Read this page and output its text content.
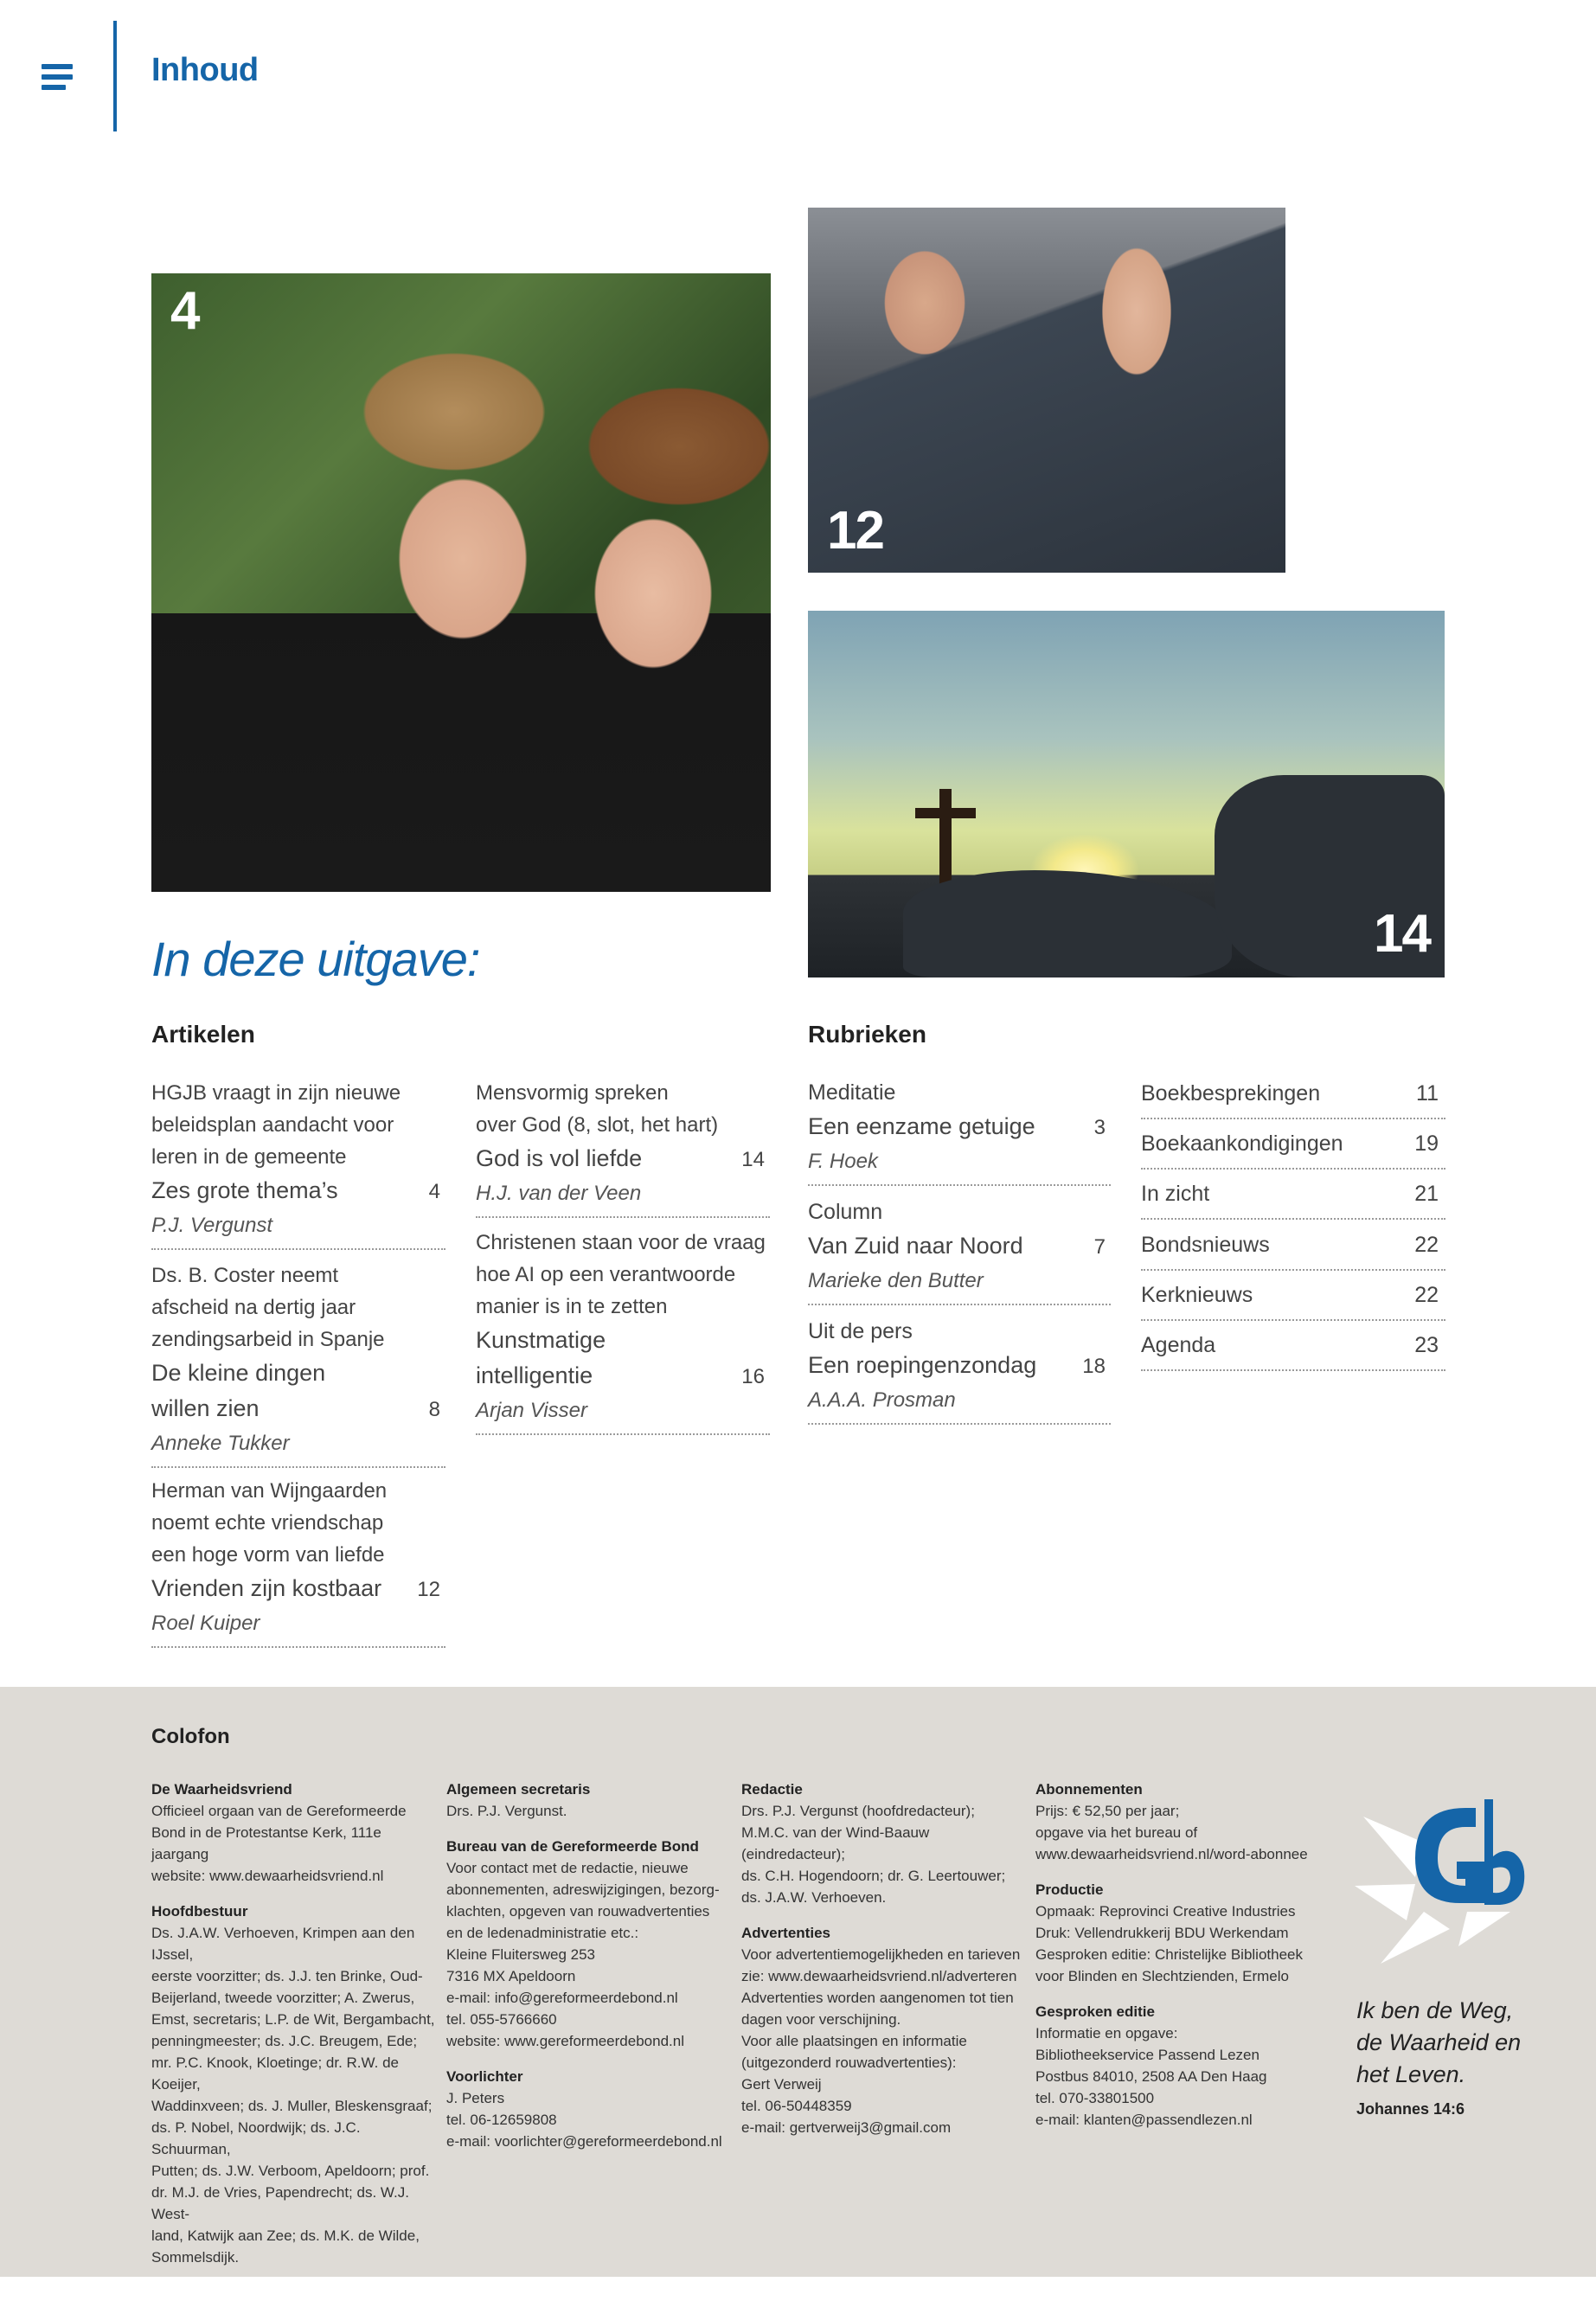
Inhoud
4
12
14
In deze uitgave:
Artikelen	Rubrieken
HGJB vraagt in zijn nieuwe
beleidsplan aandacht voor
leren in de gemeente
Zes grote thema’s	4
P.J. Vergunst
Ds. B. Coster neemt
afscheid na dertig jaar
zendingsarbeid in Spanje
De kleine dingen
willen zien	8
Anneke Tukker
Herman van Wijngaarden
noemt echte vriendschap
een hoge vorm van liefde
Vrienden zijn kostbaar 12
Roel Kuiper
Mensvormig spreken
over God (8, slot, het hart)
God is vol liefde	14
H.J. van der Veen
Christenen staan voor de vraag
hoe AI op een verantwoorde
manier is in te zetten
Kunstmatige
intelligentie	16
Arjan Visser
Meditatie
Een eenzame getuige	3
F. Hoek
Column
Van Zuid naar Noord	7
Marieke den Butter
Uit de pers
Een roepingenzondag 18
A.A.A. Prosman
Boekbesprekingen	11
Boekaankondigingen	19
In zicht	21
Bondsnieuws	22
Kerknieuws	22
Agenda	23
Colofon
De Waarheidsvriend
Officieel orgaan van de Gereformeerde
Bond in de Protestantse Kerk, 111e jaargang
website: www.dewaarheidsvriend.nl
Hoofdbestuur
Ds. J.A.W. Verhoeven, Krimpen aan den IJssel,
eerste voorzitter; ds. J.J. ten Brinke, Oud-
Beijerland, tweede voorzitter; A. Zwerus,
Emst, secretaris; L.P. de Wit, Bergambacht,
penningmeester; ds. J.C. Breugem, Ede;
mr. P.C. Knook, Kloetinge; dr. R.W. de Koeijer,
Waddinxveen; ds. J. Muller, Bleskensgraaf;
ds. P. Nobel, Noordwijk; ds. J.C. Schuurman,
Putten; ds. J.W. Verboom, Apeldoorn; prof.
dr. M.J. de Vries, Papendrecht; ds. W.J. West-
land, Katwijk aan Zee; ds. M.K. de Wilde,
Sommelsdijk.
Algemeen secretaris
Drs. P.J. Vergunst.
Bureau van de Gereformeerde Bond
Voor contact met de redactie, nieuwe
abonnementen, adreswijzigingen, bezorg-
klachten, opgeven van rouwadvertenties
en de ledenadministratie etc.:
Kleine Fluitersweg 253
7316 MX Apeldoorn
e-mail: info@gereformeerdebond.nl
tel. 055-5766660
website: www.gereformeerdebond.nl
Voorlichter
J. Peters
tel. 06-12659808
e-mail: voorlichter@gereformeerdebond.nl
Redactie
Drs. P.J. Vergunst (hoofdredacteur);
M.M.C. van der Wind-Baauw (eindredacteur);
ds. C.H. Hogendoorn; dr. G. Leertouwer;
ds. J.A.W. Verhoeven.
Advertenties
Voor advertentiemogelijkheden en tarieven
zie: www.dewaarheidsvriend.nl/adverteren
Advertenties worden aangenomen tot tien
dagen voor verschijning.
Voor alle plaatsingen en informatie
(uitgezonderd rouwadvertenties):
Gert Verweij
tel. 06-50448359
e-mail: gertverweij3@gmail.com
Abonnementen
Prijs: € 52,50 per jaar;
opgave via het bureau of
www.dewaarheidsvriend.nl/word-abonnee
Productie
Opmaak: Reprovinci Creative Industries
Druk: Vellendrukkerij BDU Werkendam
Gesproken editie: Christelijke Bibliotheek
voor Blinden en Slechtzienden, Ermelo
Gesproken editie
Informatie en opgave:
Bibliotheekservice Passend Lezen
Postbus 84010, 2508 AA Den Haag
tel. 070-33801500
e-mail: klanten@passendlezen.nl
Ik ben de Weg,
de Waarheid en
het Leven.
Johannes 14:6
